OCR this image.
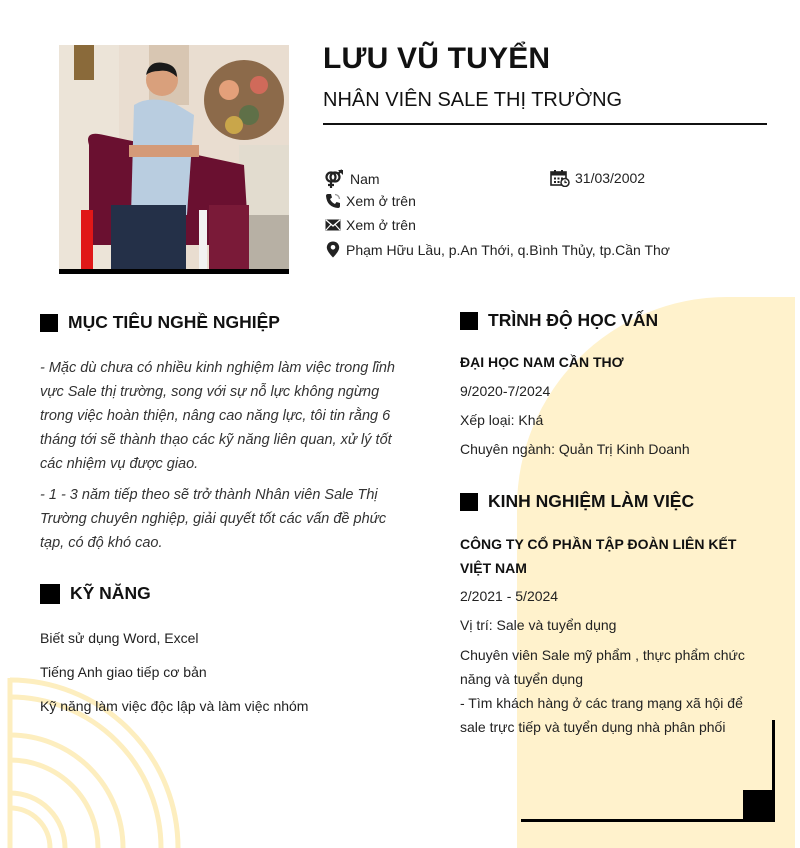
LƯU VŨ TUYỂN
NHÂN VIÊN SALE THỊ TRƯỜNG
Nam	31/03/2002
Xem ở trên
Xem ở trên
Phạm Hữu Lầu, p.An Thới, q.Bình Thủy, tp.Cần Thơ
MỤC TIÊU NGHỀ NGHIỆP
- Mặc dù chưa có nhiều kinh nghiệm làm việc trong lĩnh vực Sale thị trường, song với sự nỗ lực không ngừng trong việc hoàn thiện, nâng cao năng lực, tôi tin rằng 6 tháng tới sẽ thành thạo các kỹ năng liên quan, xử lý tốt các nhiệm vụ được giao.
- 1 - 3 năm tiếp theo sẽ trở thành Nhân viên Sale Thị Trường chuyên nghiệp, giải quyết tốt các vấn đề phức tạp, có độ khó cao.
KỸ NĂNG
Biết sử dụng Word, Excel
Tiếng Anh giao tiếp cơ bản
Kỹ năng làm việc độc lập và làm việc nhóm
TRÌNH ĐỘ HỌC VẤN
ĐẠI HỌC NAM CẦN THƠ
9/2020-7/2024
Xếp loại: Khá
Chuyên ngành: Quản Trị Kinh Doanh
KINH NGHIỆM LÀM VIỆC
CÔNG TY CỔ PHẦN TẬP ĐOÀN LIÊN KẾT VIỆT NAM
2/2021 - 5/2024
Vị trí: Sale và tuyển dụng
Chuyên viên Sale mỹ phẩm , thực phẩm chức năng và tuyển dụng
- Tìm khách hàng ở các trang mạng xã hội để sale trực tiếp và tuyển dụng nhà phân phối
